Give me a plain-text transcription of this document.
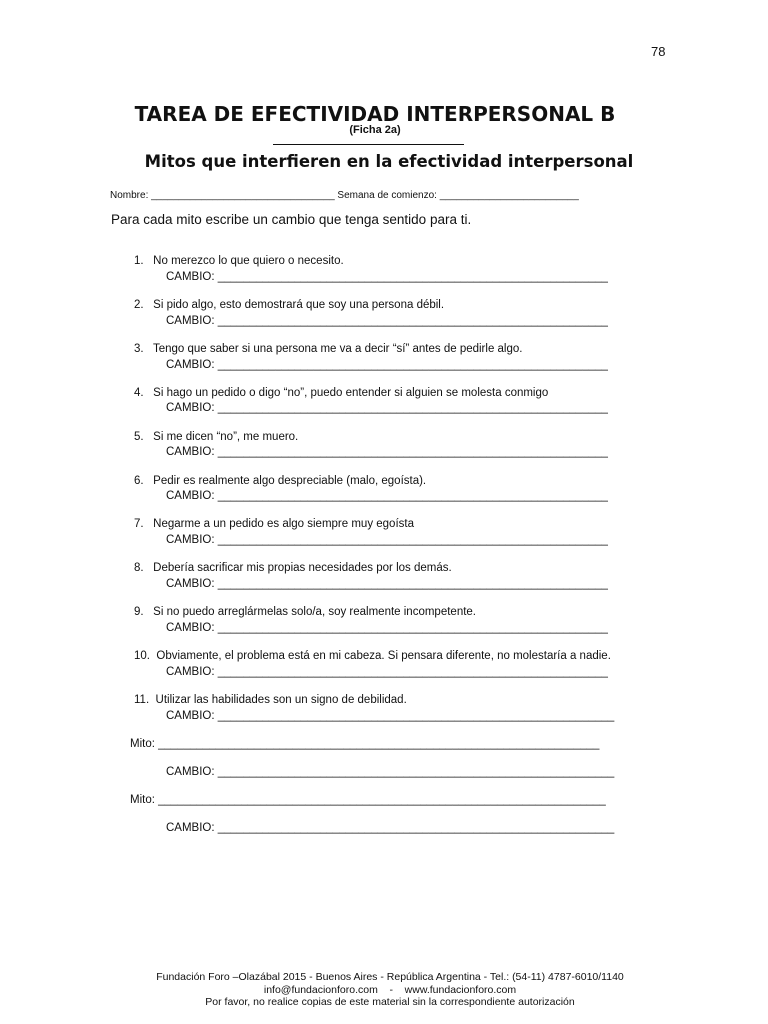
78
TAREA DE EFECTIVIDAD INTERPERSONAL B
(Ficha 2a)
Mitos que interfieren en la efectividad interpersonal
Nombre: _________________________________ Semana de comienzo: _________________________
Para cada mito escribe un cambio que tenga sentido para ti.
1.   No merezco lo que quiero o necesito.
CAMBIO: _____________________________________________________________
2.   Si pido algo, esto demostrará que soy una persona débil.
CAMBIO: _____________________________________________________________
3.   Tengo que saber si una persona me va a decir “sí” antes de pedirle algo.
CAMBIO: _____________________________________________________________
4.   Si hago un pedido o digo “no”, puedo entender si alguien se molesta conmigo
CAMBIO: _____________________________________________________________
5.   Si me dicen “no”, me muero.
CAMBIO: _____________________________________________________________
6.   Pedir es realmente algo despreciable (malo, egoísta).
CAMBIO: _____________________________________________________________
7.   Negarme a un pedido es algo siempre muy egoísta
CAMBIO: _____________________________________________________________
8.   Debería sacrificar mis propias necesidades por los demás.
CAMBIO: _____________________________________________________________
9.   Si no puedo arreglármelas solo/a, soy realmente incompetente.
CAMBIO: _____________________________________________________________
10.  Obviamente, el problema está en mi cabeza. Si pensara diferente, no molestaría a nadie.
CAMBIO: _____________________________________________________________
11.  Utilizar las habilidades son un signo de debilidad.
CAMBIO: ______________________________________________________________
Mito: _____________________________________________________________________
CAMBIO: ______________________________________________________________
Mito: ______________________________________________________________________
CAMBIO: ______________________________________________________________
Fundación Foro –Olazábal 2015 - Buenos Aires - República Argentina - Tel.: (54-11) 4787-6010/1140
info@fundacionforo.com    -    www.fundacionforo.com
Por favor, no realice copias de este material sin la correspondiente autorización
